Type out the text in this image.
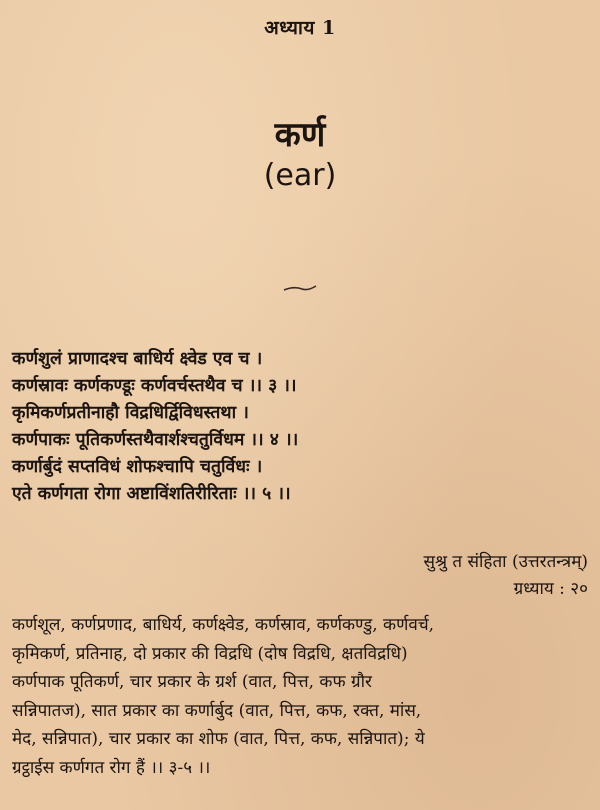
अध्याय 1
कर्ण
(ear)
कर्णशुलं प्राणादश्च बाधिर्य क्ष्वेड एव च ।
कर्णस्रावः कर्णकण्डूः कर्णवर्चस्तथैव च ।। ३ ।।
कृमिकर्णप्रतीनाहौ विद्रधिर्द्विविधस्तथा ।
कर्णपाकः पूतिकर्णस्तथैवार्शश्चतुर्विधम ।। ४ ।।
कर्णार्बुदं सप्तविधं शोफश्चापि चतुर्विधः ।
एते कर्णगता रोगा अष्टाविंशतिरीरिताः ।। ५ ।।
सुश्रु त संहिता (उत्तरतन्त्रम्)
ग्रध्याय : २०
कर्णशूल, कर्णप्रणाद, बाधिर्य, कर्णक्ष्वेड, कर्णस्राव, कर्णकण्डु, कर्णवर्च,
कृमिकर्ण, प्रतिनाह, दो प्रकार की विद्रधि (दोष विद्रधि, क्षतविद्रधि)
कर्णपाक पूतिकर्ण, चार प्रकार के ग्रर्श (वात, पित्त, कफ ग्रौर
सन्निपातज), सात प्रकार का कर्णार्बुद (वात, पित्त, कफ, रक्त, मांस,
मेद, सन्निपात), चार प्रकार का शोफ (वात, पित्त, कफ, सन्निपात); ये
ग्रट्ठाईस कर्णगत रोग हैं ।। ३-५ ।।
